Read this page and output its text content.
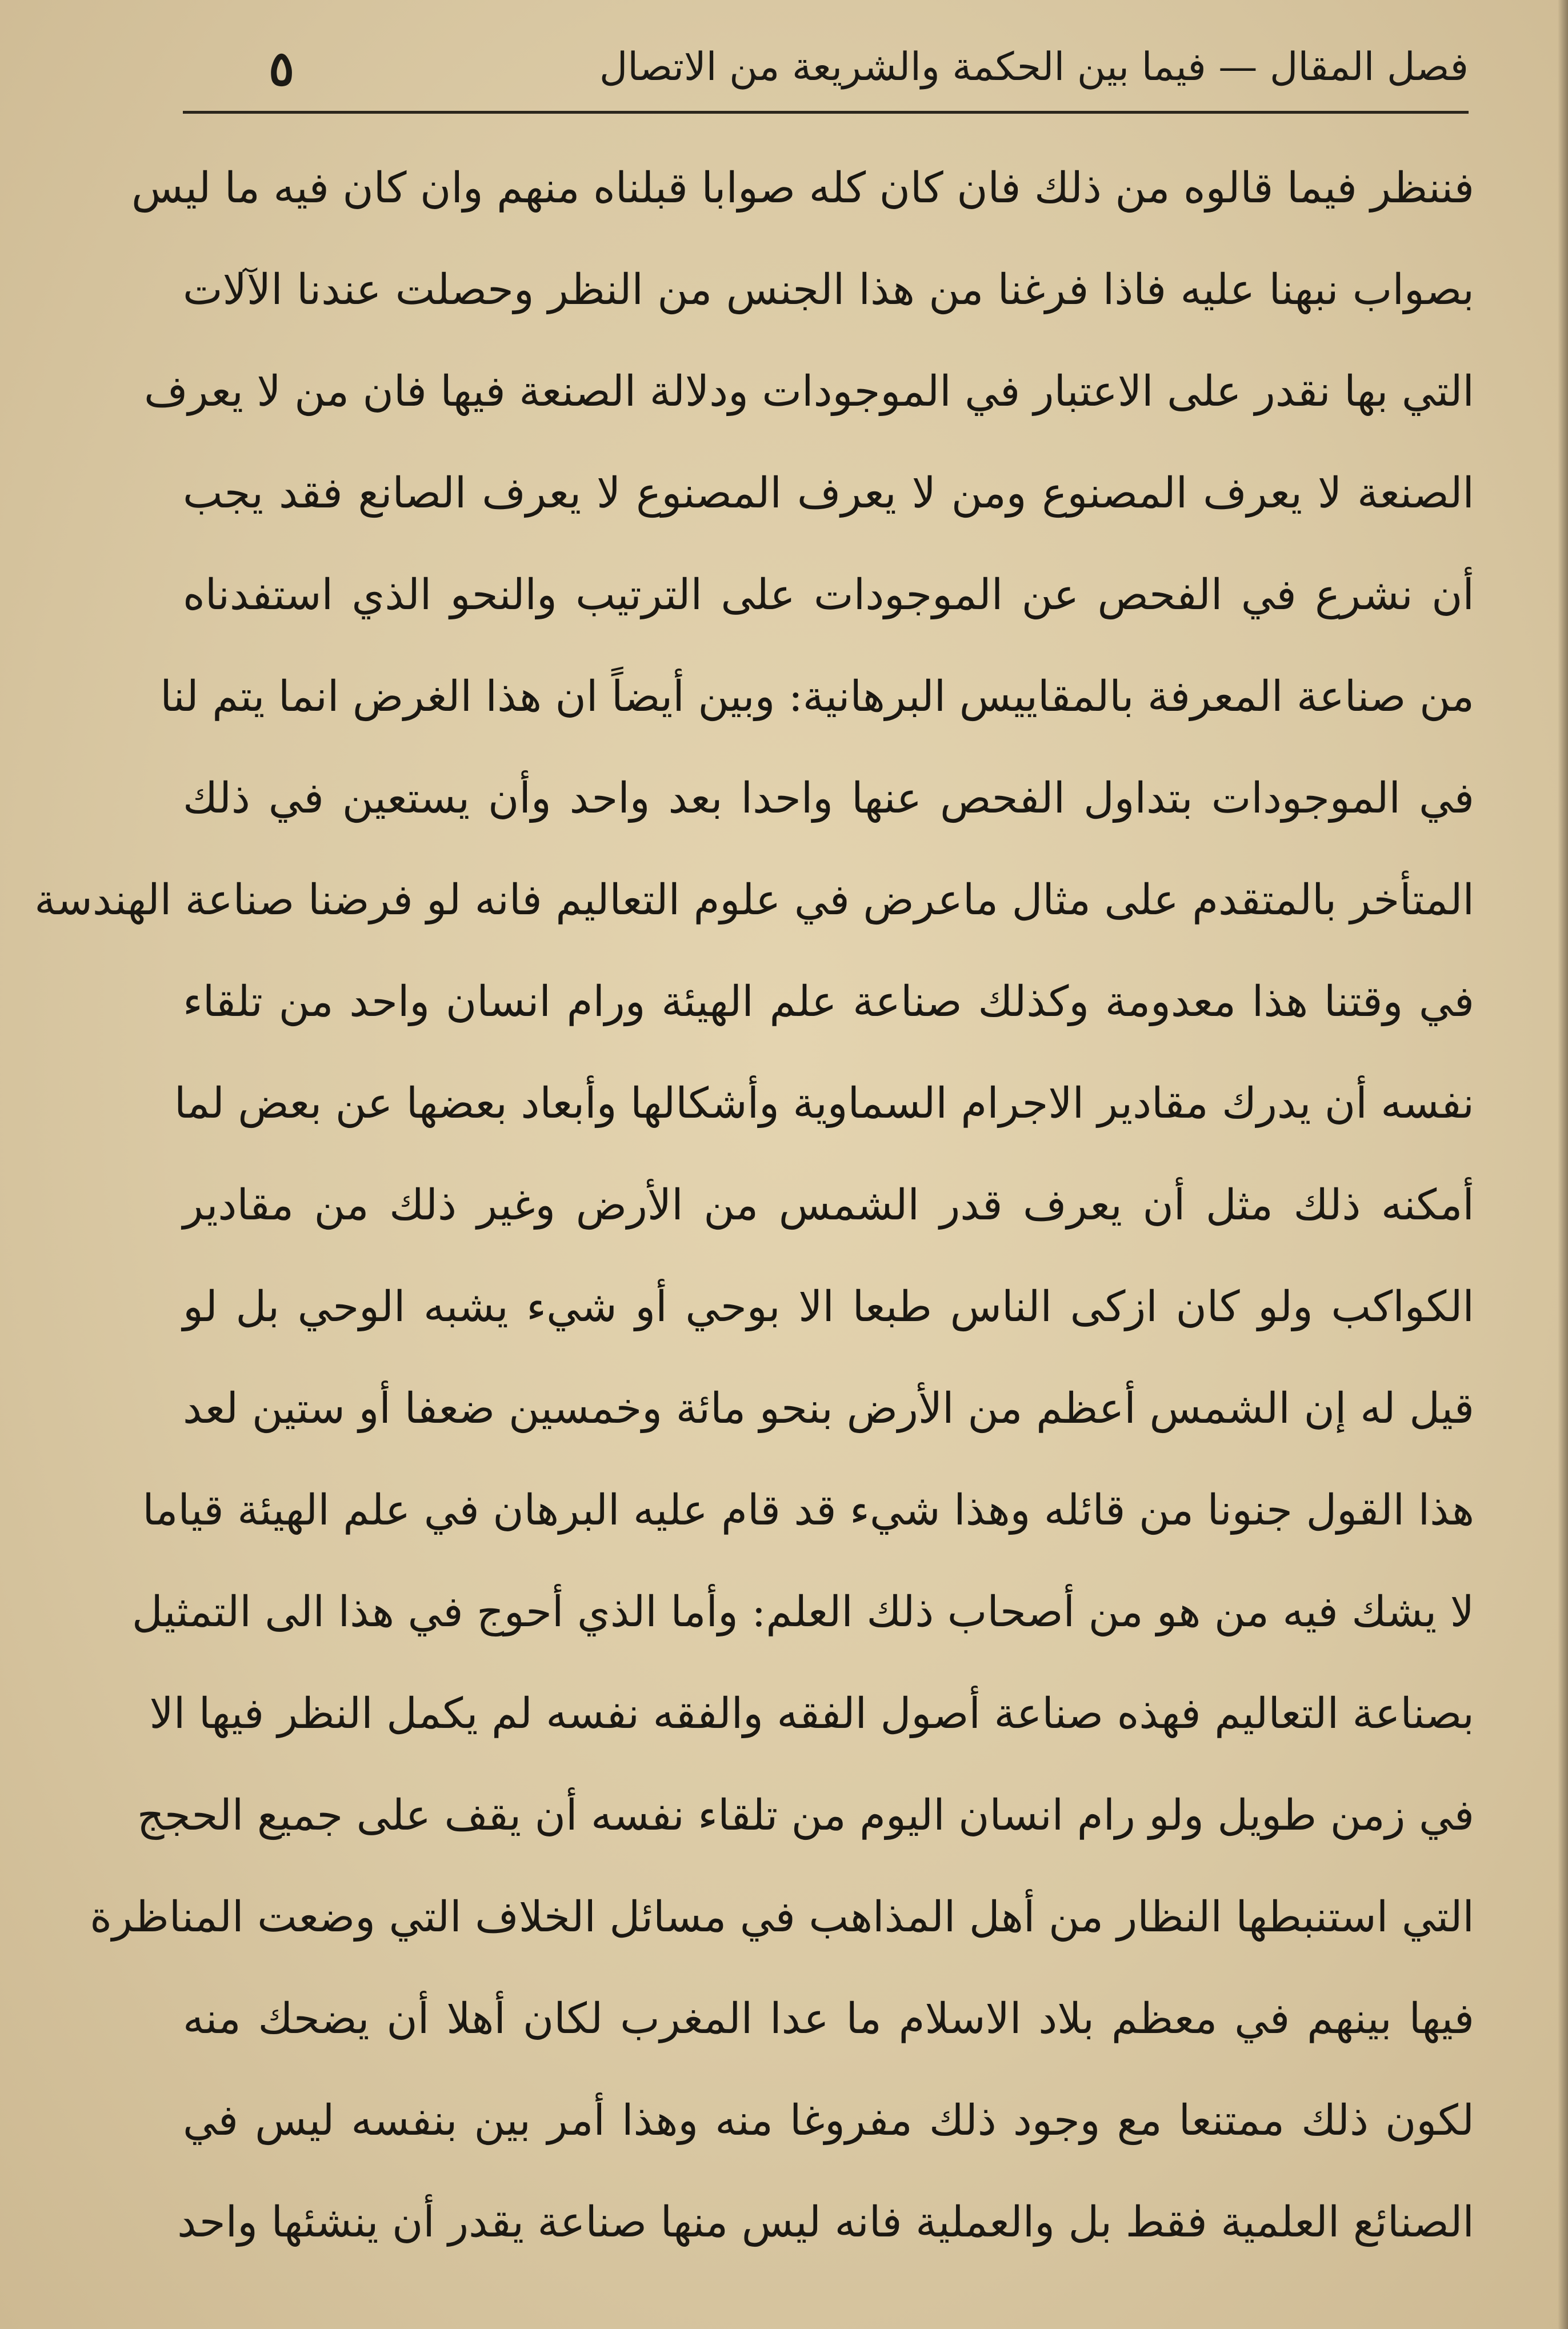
فصل المقال — فيما بين الحكمة والشريعة من الاتصال
٥
فننظر فيما قالوه من ذلك فان كان كله صوابا قبلناه منهم وان كان فيه ما ليس
بصواب نبهنا عليه فاذا فرغنا من هذا الجنس من النظر وحصلت عندنا الآلات
التي بها نقدر على الاعتبار في الموجودات ودلالة الصنعة فيها فان من لا يعرف
الصنعة لا يعرف المصنوع ومن لا يعرف المصنوع لا يعرف الصانع فقد يجب
أن نشرع في الفحص عن الموجودات على الترتيب والنحو الذي استفدناه
من صناعة المعرفة بالمقاييس البرهانية: وبين أيضاً ان هذا الغرض انما يتم لنا
في الموجودات بتداول الفحص عنها واحدا بعد واحد وأن يستعين في ذلك
المتأخر بالمتقدم على مثال ماعرض في علوم التعاليم فانه لو فرضنا صناعة الهندسة
في وقتنا هذا معدومة وكذلك صناعة علم الهيئة ورام انسان واحد من تلقاء
نفسه أن يدرك مقادير الاجرام السماوية وأشكالها وأبعاد بعضها عن بعض لما
أمكنه ذلك مثل أن يعرف قدر الشمس من الأرض وغير ذلك من مقادير
الكواكب ولو كان ازكى الناس طبعا الا بوحي أو شيء يشبه الوحي بل لو
قيل له إن الشمس أعظم من الأرض بنحو مائة وخمسين ضعفا أو ستين لعد
هذا القول جنونا من قائله وهذا شيء قد قام عليه البرهان في علم الهيئة قياما
لا يشك فيه من هو من أصحاب ذلك العلم: وأما الذي أحوج في هذا الى التمثيل
بصناعة التعاليم فهذه صناعة أصول الفقه والفقه نفسه لم يكمل النظر فيها الا
في زمن طويل ولو رام انسان اليوم من تلقاء نفسه أن يقف على جميع الحجج
التي استنبطها النظار من أهل المذاهب في مسائل الخلاف التي وضعت المناظرة
فيها بينهم في معظم بلاد الاسلام ما عدا المغرب لكان أهلا أن يضحك منه
لكون ذلك ممتنعا مع وجود ذلك مفروغا منه وهذا أمر بين بنفسه ليس في
الصنائع العلمية فقط بل والعملية فانه ليس منها صناعة يقدر أن ينشئها واحد
